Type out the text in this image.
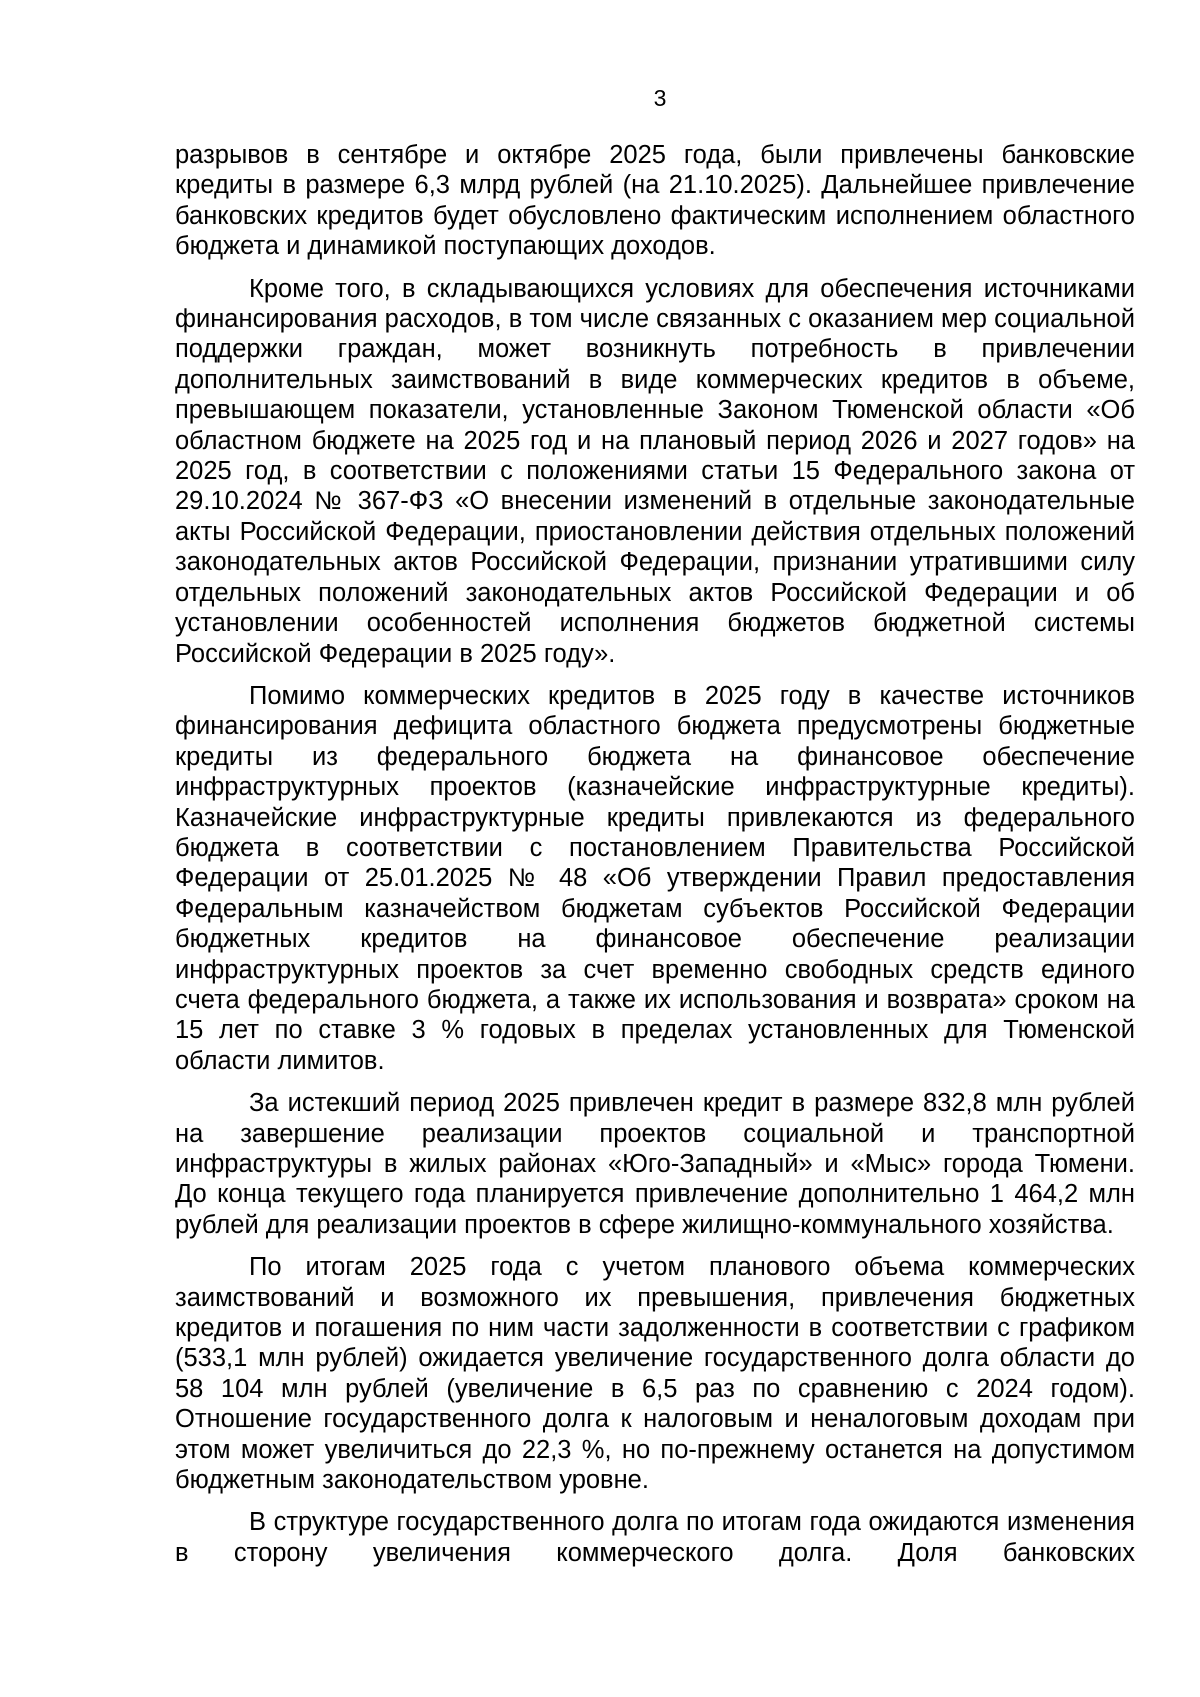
3

разрывов в сентябре и октябре 2025 года, были привлечены банковские кредиты в размере 6,3 млрд рублей (на 21.10.2025). Дальнейшее привлечение банковских кредитов будет обусловлено фактическим исполнением областного бюджета и динамикой поступающих доходов.

Кроме того, в складывающихся условиях для обеспечения источниками финансирования расходов, в том числе связанных с оказанием мер социальной поддержки граждан, может возникнуть потребность в привлечении дополнительных заимствований в виде коммерческих кредитов в объеме, превышающем показатели, установленные Законом Тюменской области «Об областном бюджете на 2025 год и на плановый период 2026 и 2027 годов» на 2025 год, в соответствии с положениями статьи 15 Федерального закона от 29.10.2024 № 367-ФЗ «О внесении изменений в отдельные законодательные акты Российской Федерации, приостановлении действия отдельных положений законодательных актов Российской Федерации, признании утратившими силу отдельных положений законодательных актов Российской Федерации и об установлении особенностей исполнения бюджетов бюджетной системы Российской Федерации в 2025 году».

Помимо коммерческих кредитов в 2025 году в качестве источников финансирования дефицита областного бюджета предусмотрены бюджетные кредиты из федерального бюджета на финансовое обеспечение инфраструктурных проектов (казначейские инфраструктурные кредиты). Казначейские инфраструктурные кредиты привлекаются из федерального бюджета в соответствии с постановлением Правительства Российской Федерации от 25.01.2025 № 48 «Об утверждении Правил предоставления Федеральным казначейством бюджетам субъектов Российской Федерации бюджетных кредитов на финансовое обеспечение реализации инфраструктурных проектов за счет временно свободных средств единого счета федерального бюджета, а также их использования и возврата» сроком на 15 лет по ставке 3 % годовых в пределах установленных для Тюменской области лимитов.

За истекший период 2025 привлечен кредит в размере 832,8 млн рублей на завершение реализации проектов социальной и транспортной инфраструктуры в жилых районах «Юго-Западный» и «Мыс» города Тюмени. До конца текущего года планируется привлечение дополнительно 1 464,2 млн рублей для реализации проектов в сфере жилищно-коммунального хозяйства.

По итогам 2025 года с учетом планового объема коммерческих заимствований и возможного их превышения, привлечения бюджетных кредитов и погашения по ним части задолженности в соответствии с графиком (533,1 млн рублей) ожидается увеличение государственного долга области до 58 104 млн рублей (увеличение в 6,5 раз по сравнению с 2024 годом). Отношение государственного долга к налоговым и неналоговым доходам при этом может увеличиться до 22,3 %, но по-прежнему останется на допустимом бюджетным законодательством уровне.

В структуре государственного долга по итогам года ожидаются изменения в сторону увеличения коммерческого долга. Доля банковских
